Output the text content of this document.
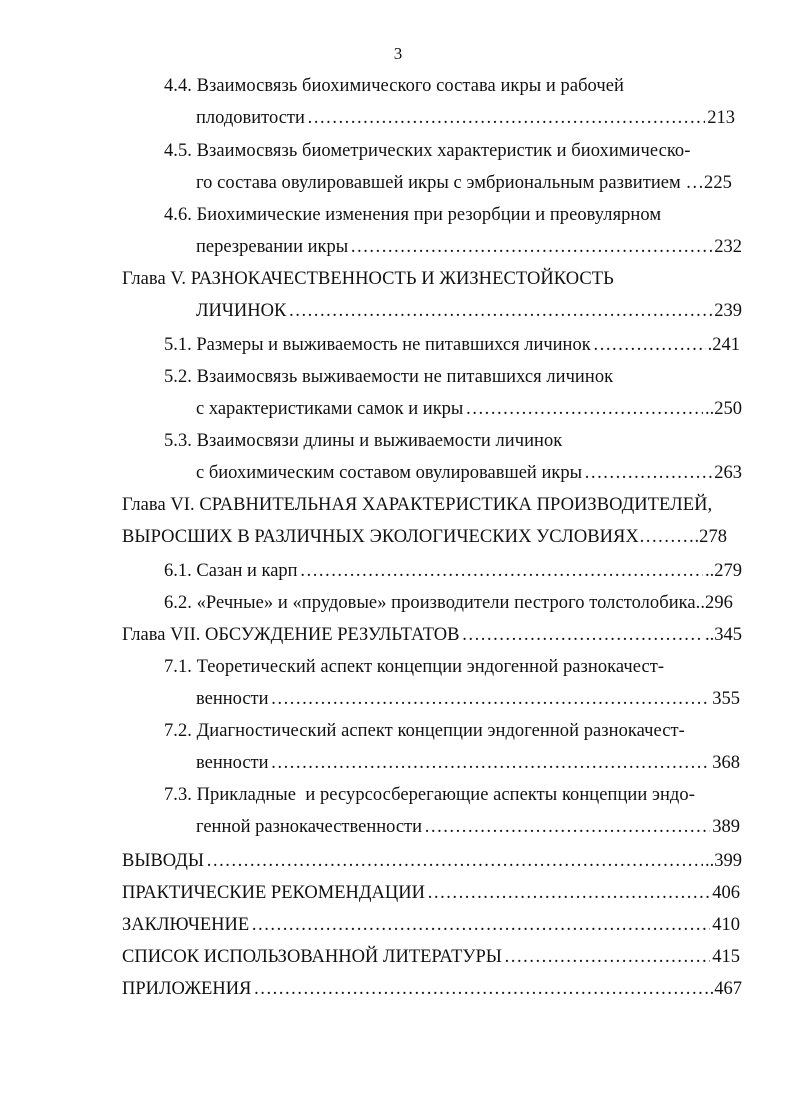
3
4.4. Взаимосвязь биохимического состава икры и рабочей
плодовитости ……………………………………………………………………………………………………………………………………………………………………………………	213
4.5. Взаимосвязь биометрических характеристик и биохимическо-
го состава овулировавшей икры с эмбриональным развитием …225
4.6. Биохимические изменения при резорбции и преовулярном
перезревании икры ……………………………………………………………………………………………………………………………………………………………………………………	232
Глава V. РАЗНОКАЧЕСТВЕННОСТЬ И ЖИЗНЕСТОЙКОСТЬ
ЛИЧИНОК ……………………………………………………………………………………………………………………………………………………………………………………	239
5.1. Размеры и выживаемость не питавшихся личинок ……………………………………………………………………………………………………………………………………………………………………………………	.241
5.2. Взаимосвязь выживаемости не питавшихся личинок
с характеристиками самок и икры ……………………………………………………………………………………………………………………………………………………………………………………	..250
5.3. Взаимосвязи длины и выживаемости личинок
с биохимическим составом овулировавшей икры ……………………………………………………………………………………………………………………………………………………………………………………	263
Глава VI. СРАВНИТЕЛЬНАЯ ХАРАКТЕРИСТИКА ПРОИЗВОДИТЕЛЕЙ,
ВЫРОСШИХ В РАЗЛИЧНЫХ ЭКОЛОГИЧЕСКИХ УСЛОВИЯХ……….278
6.1. Сазан и карп ……………………………………………………………………………………………………………………………………………………………………………………	..279
6.2. «Речные» и «прудовые» производители пестрого толстолобика..296
Глава VII. ОБСУЖДЕНИЕ РЕЗУЛЬТАТОВ ……………………………………………………………………………………………………………………………………………………………………………………	..345
7.1. Теоретический аспект концепции эндогенной разнокачест-
венности ……………………………………………………………………………………………………………………………………………………………………………………	355
7.2. Диагностический аспект концепции эндогенной разнокачест-
венности ……………………………………………………………………………………………………………………………………………………………………………………	368
7.3. Прикладные  и ресурсосберегающие аспекты концепции эндо-
генной разнокачественности ……………………………………………………………………………………………………………………………………………………………………………………	389
ВЫВОДЫ ……………………………………………………………………………………………………………………………………………………………………………………	..399
ПРАКТИЧЕСКИЕ РЕКОМЕНДАЦИИ ……………………………………………………………………………………………………………………………………………………………………………………	406
ЗАКЛЮЧЕНИЕ ……………………………………………………………………………………………………………………………………………………………………………………	410
СПИСОК ИСПОЛЬЗОВАННОЙ ЛИТЕРАТУРЫ ……………………………………………………………………………………………………………………………………………………………………………………	415
ПРИЛОЖЕНИЯ ……………………………………………………………………………………………………………………………………………………………………………………	.467
